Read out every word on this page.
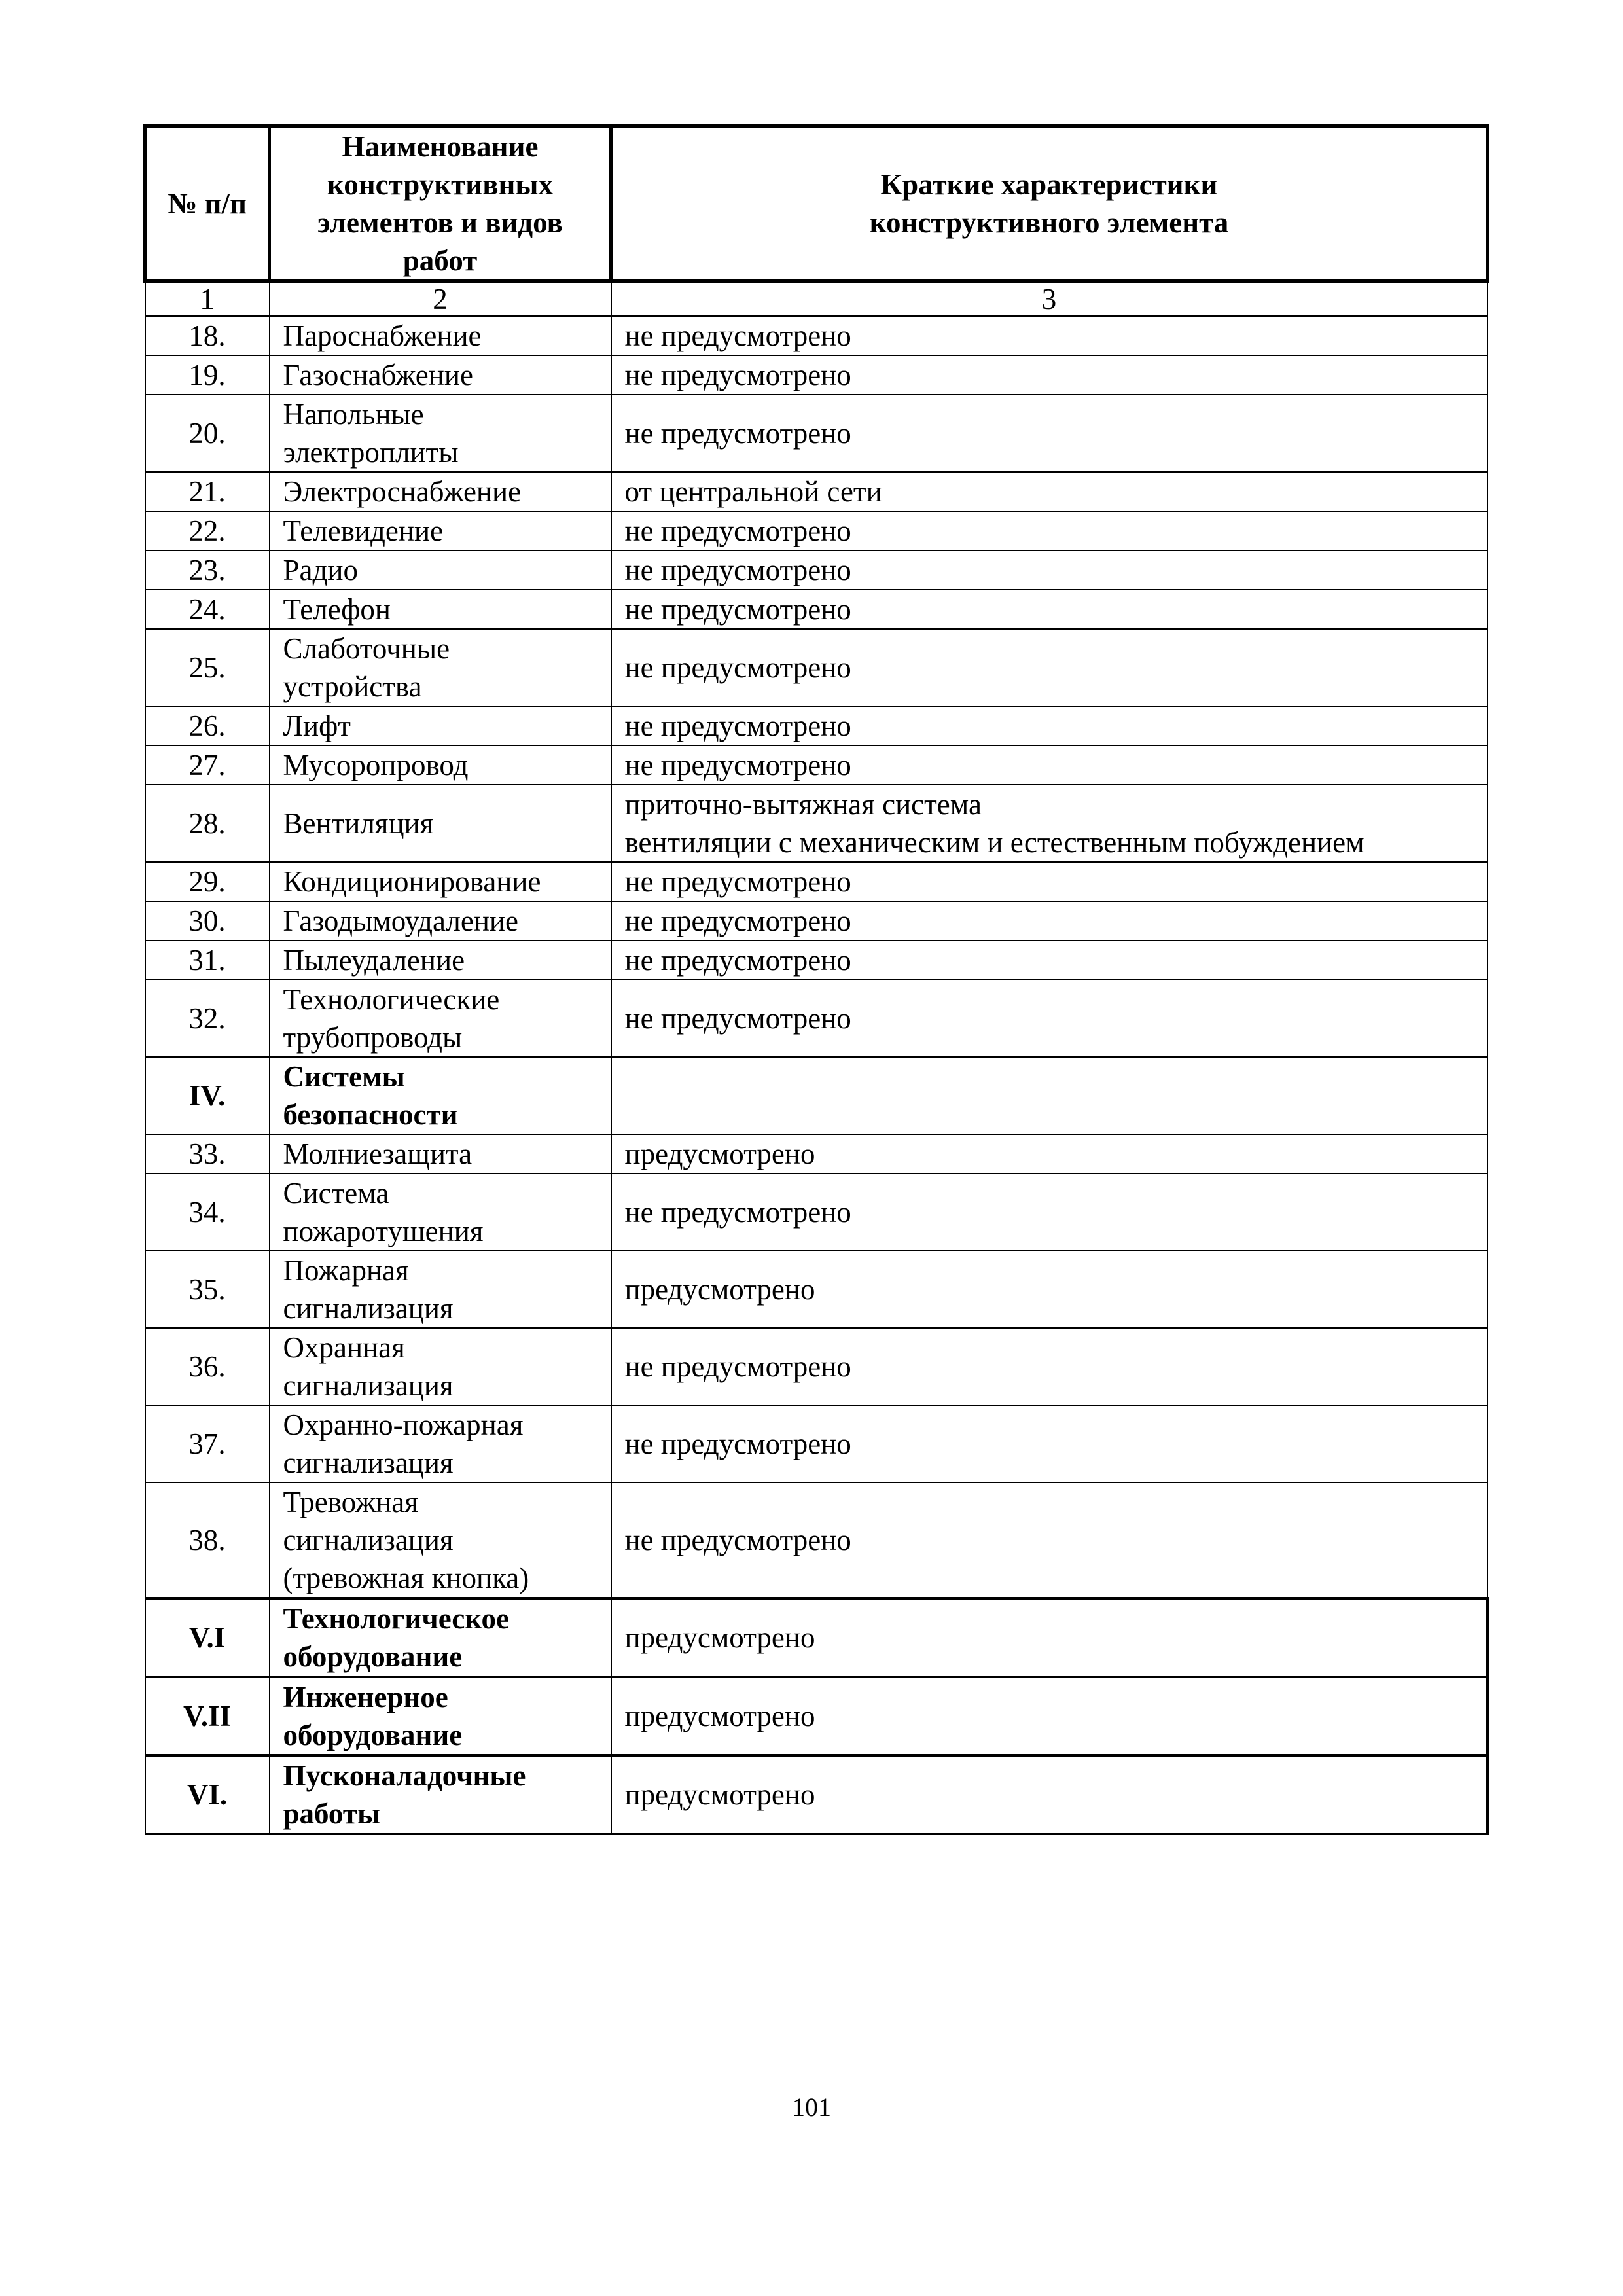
№ п/п	Наименование
конструктивных
элементов и видов
работ	Краткие характеристики
конструктивного элемента

1	2	3
18.	Пароснабжение	не предусмотрено

19.	Газоснабжение	не предусмотрено

20.	Напольные
электроплиты	не предусмотрено

21.	Электроснабжение	от центральной сети

22.	Телевидение	не предусмотрено

23.	Радио	не предусмотрено

24.	Телефон	не предусмотрено

25.	Слаботочные
устройства	не предусмотрено

26.	Лифт	не предусмотрено

27.	Мусоропровод	не предусмотрено

28.	Вентиляция	приточно-вытяжная система
вентиляции с механическим и естественным побуждением

29.	Кондиционирование	не предусмотрено

30.	Газодымоудаление	не предусмотрено

31.	Пылеудаление	не предусмотрено

32.	Технологические
трубопроводы	не предусмотрено

IV.	Системы
безопасности	

33.	Молниезащита	предусмотрено

34.	Система
пожаротушения	не предусмотрено

35.	Пожарная
сигнализация	предусмотрено

36.	Охранная
сигнализация	не предусмотрено

37.	Охранно-пожарная
сигнализация	не предусмотрено

38.	Тревожная
сигнализация
(тревожная кнопка)	не предусмотрено

V.I	Технологическое
оборудование	предусмотрено

V.II	Инженерное
оборудование	предусмотрено

VI.	Пусконаладочные
работы	предусмотрено
101
